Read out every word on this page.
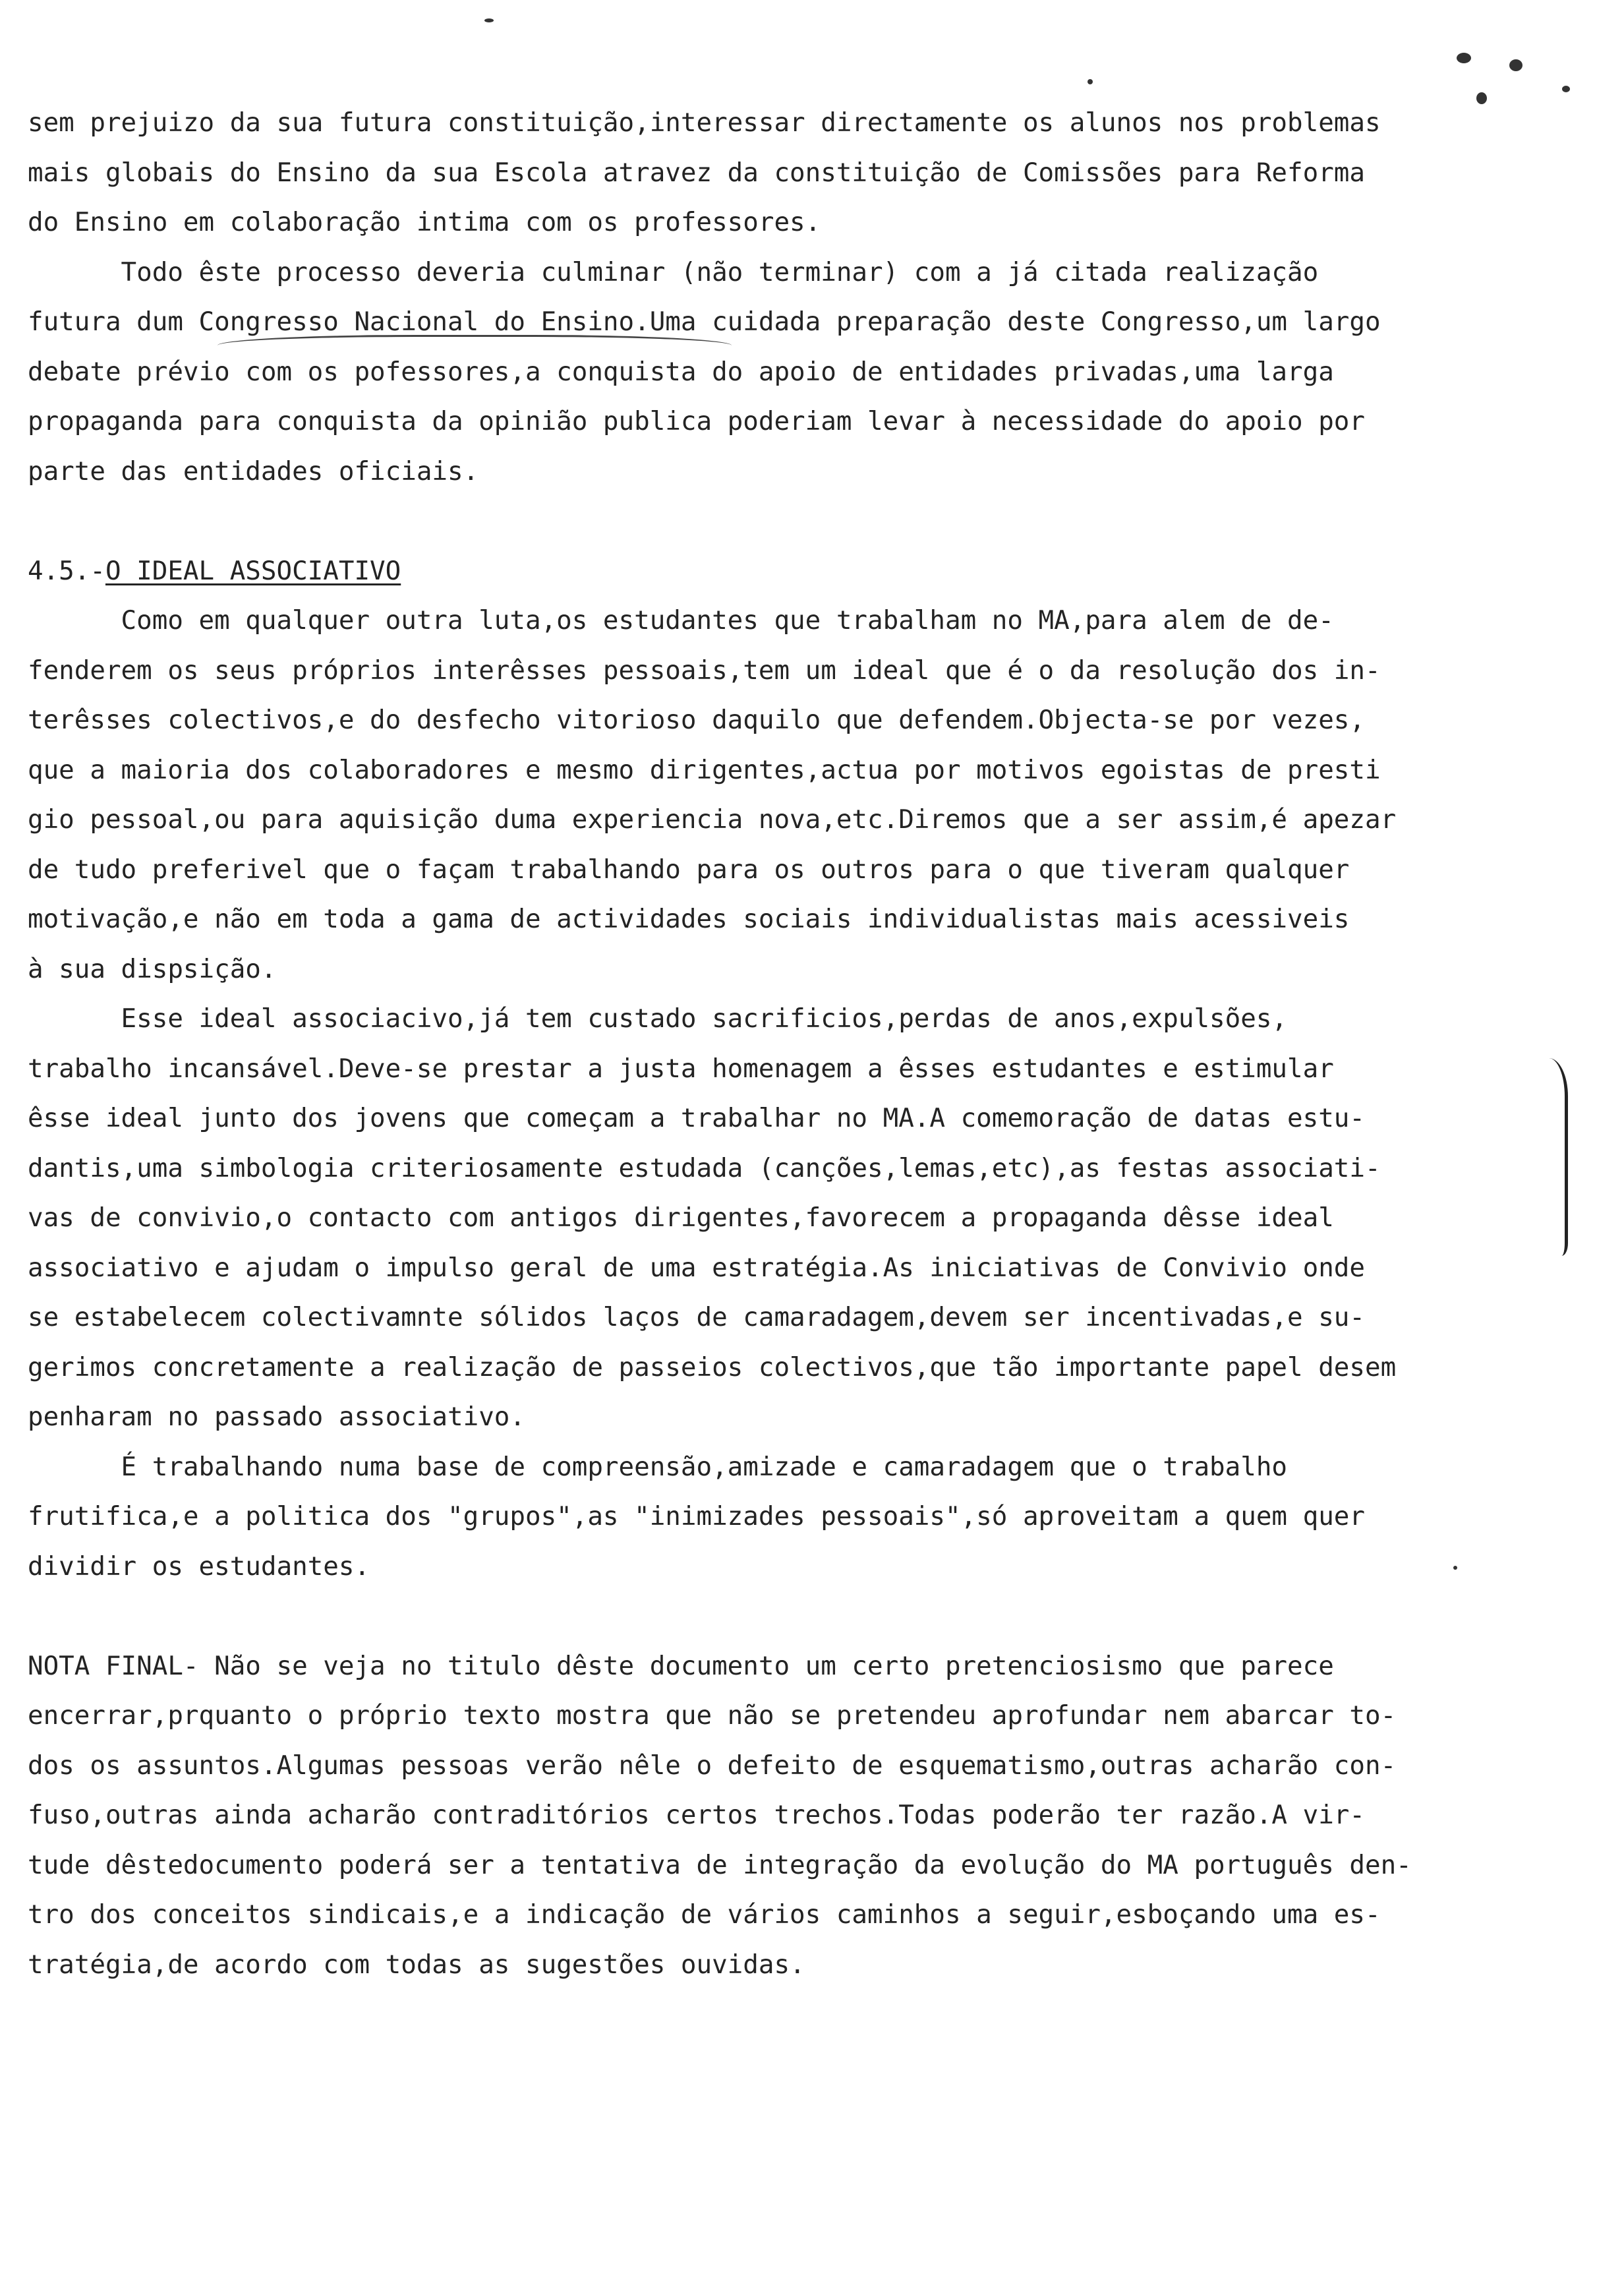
sem prejuizo da sua futura constituição,interessar directamente os alunos nos problemas
mais globais do Ensino da sua Escola atravez da constituição de Comissões para Reforma
do Ensino em colaboração intima com os professores.
Todo êste processo deveria culminar (não terminar) com a já citada realização
futura dum Congresso Nacional do Ensino.Uma cuidada preparação deste Congresso,um largo
debate prévio com os pofessores,a conquista do apoio de entidades privadas,uma larga
propaganda para conquista da opinião publica poderiam levar à necessidade do apoio por
parte das entidades oficiais.
4.5.-O IDEAL ASSOCIATIVO
Como em qualquer outra luta,os estudantes que trabalham no MA,para alem de de-
fenderem os seus próprios interêsses pessoais,tem um ideal que é o da resolução dos in-
terêsses colectivos,e do desfecho vitorioso daquilo que defendem.Objecta-se por vezes,
que a maioria dos colaboradores e mesmo dirigentes,actua por motivos egoistas de presti
gio pessoal,ou para aquisição duma experiencia nova,etc.Diremos que a ser assim,é apezar
de tudo preferivel que o façam trabalhando para os outros para o que tiveram qualquer
motivação,e não em toda a gama de actividades sociais individualistas mais acessiveis
à sua dispsição.
Esse ideal associacivo,já tem custado sacrificios,perdas de anos,expulsões,
trabalho incansável.Deve-se prestar a justa homenagem a êsses estudantes e estimular
êsse ideal junto dos jovens que começam a trabalhar no MA.A comemoração de datas estu-
dantis,uma simbologia criteriosamente estudada (canções,lemas,etc),as festas associati-
vas de convivio,o contacto com antigos dirigentes,favorecem a propaganda dêsse ideal
associativo e ajudam o impulso geral de uma estratégia.As iniciativas de Convivio onde
se estabelecem colectivamnte sólidos laços de camaradagem,devem ser incentivadas,e su-
gerimos concretamente a realização de passeios colectivos,que tão importante papel desem
penharam no passado associativo.
É trabalhando numa base de compreensão,amizade e camaradagem que o trabalho
frutifica,e a politica dos "grupos",as "inimizades pessoais",só aproveitam a quem quer
dividir os estudantes.
NOTA FINAL- Não se veja no titulo dêste documento um certo pretenciosismo que parece
encerrar,prquanto o próprio texto mostra que não se pretendeu aprofundar nem abarcar to-
dos os assuntos.Algumas pessoas verão nêle o defeito de esquematismo,outras acharão con-
fuso,outras ainda acharão contraditórios certos trechos.Todas poderão ter razão.A vir-
tude dêstedocumento poderá ser a tentativa de integração da evolução do MA português den-
tro dos conceitos sindicais,e a indicação de vários caminhos a seguir,esboçando uma es-
tratégia,de acordo com todas as sugestões ouvidas.
